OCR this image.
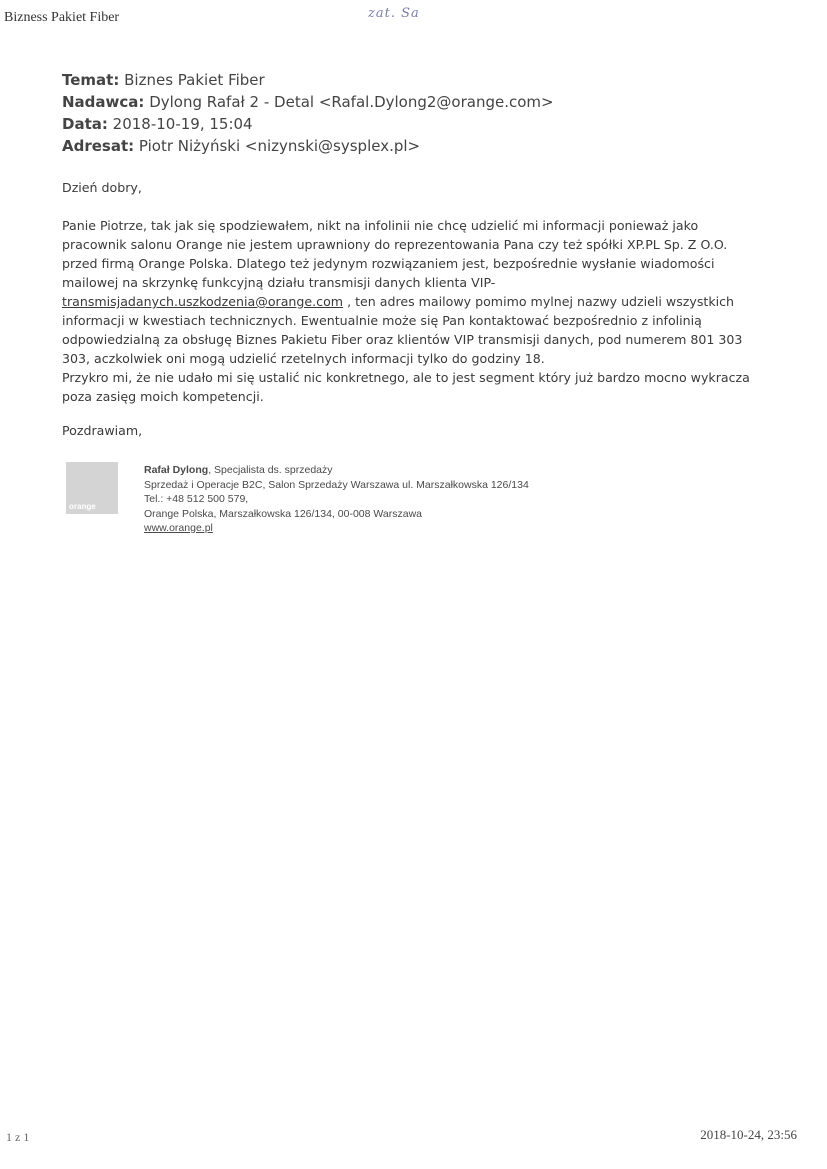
Bizness Pakiet Fiber	zat. Sa
Temat: Biznes Pakiet Fiber
Nadawca: Dylong Rafał 2 - Detal <Rafal.Dylong2@orange.com>
Data: 2018-10-19, 15:04
Adresat: Piotr Niżyński <nizynski@sysplex.pl>

Dzień dobry,

Panie Piotrze, tak jak się spodziewałem, nikt na infolinii nie chcę udzielić mi informacji ponieważ jako pracownik salonu Orange nie jestem uprawniony do reprezentowania Pana czy też spółki XP.PL Sp. Z O.O. przed firmą Orange Polska. Dlatego też jedynym rozwiązaniem jest, bezpośrednie wysłanie wiadomości mailowej na skrzynkę funkcyjną działu transmisji danych klienta VIP-transmisjadanych.uszkodzenia@orange.com , ten adres mailowy pomimo mylnej nazwy udzieli wszystkich informacji w kwestiach technicznych. Ewentualnie może się Pan kontaktować bezpośrednio z infolinią odpowiedzialną za obsługę Biznes Pakietu Fiber oraz klientów VIP transmisji danych, pod numerem 801 303 303, aczkolwiek oni mogą udzielić rzetelnych informacji tylko do godziny 18.

Przykro mi, że nie udało mi się ustalić nic konkretnego, ale to jest segment który już bardzo mocno wykracza poza zasięg moich kompetencji.

Pozdrawiam,
orange
Rafał Dylong, Specjalista ds. sprzedaży
Sprzedaż i Operacje B2C, Salon Sprzedaży Warszawa ul. Marszałkowska 126/134
Tel.: +48 512 500 579,
Orange Polska, Marszałkowska 126/134, 00-008 Warszawa
www.orange.pl
1 z 1	2018-10-24, 23:56
